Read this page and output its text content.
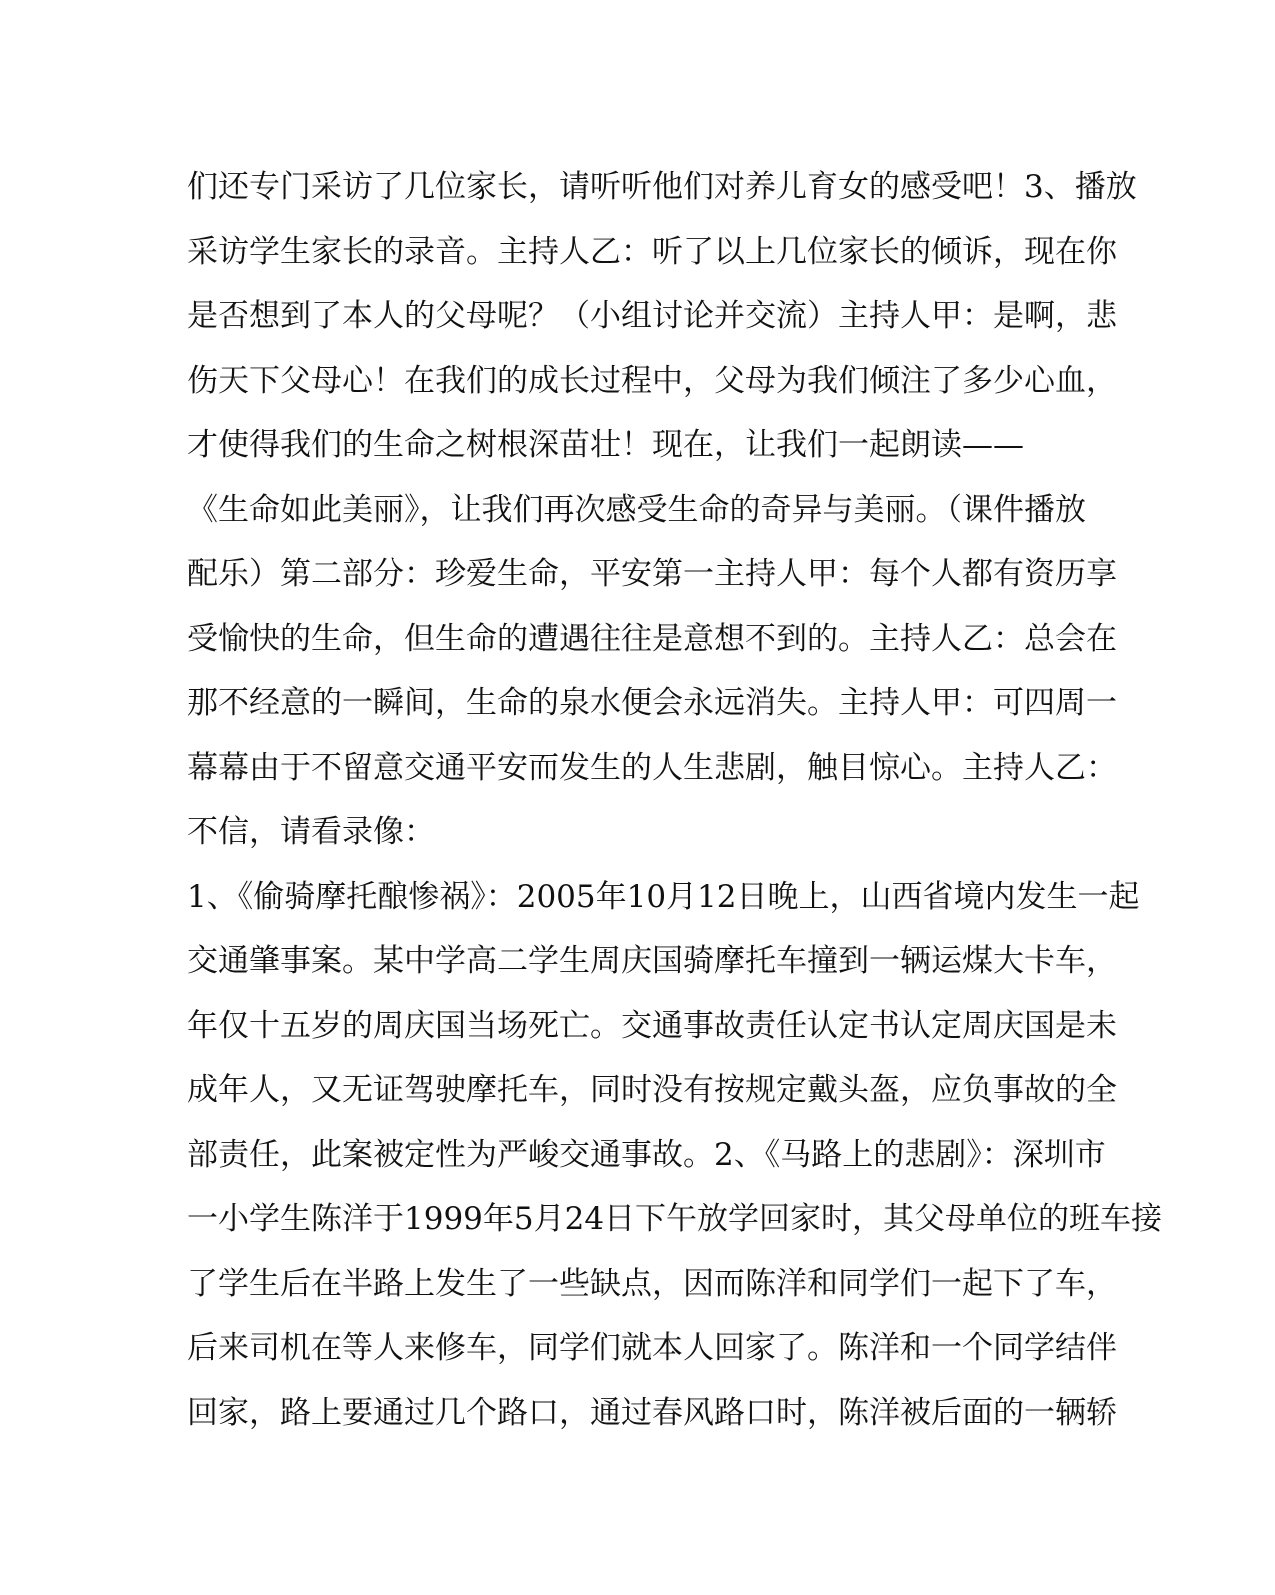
们还专门采访了几位家长，请听听他们对养儿育女的感受吧！3、播放
采访学生家长的录音。主持人乙：听了以上几位家长的倾诉，现在你
是否想到了本人的父母呢？（小组讨论并交流）主持人甲：是啊，悲
伤天下父母心！在我们的成长过程中，父母为我们倾注了多少心血，
才使得我们的生命之树根深苗壮！现在，让我们一起朗读——
《生命如此美丽》，让我们再次感受生命的奇异与美丽。（课件播放
配乐）第二部分：珍爱生命，平安第一主持人甲：每个人都有资历享
受愉快的生命，但生命的遭遇往往是意想不到的。主持人乙：总会在
那不经意的一瞬间，生命的泉水便会永远消失。主持人甲：可四周一
幕幕由于不留意交通平安而发生的人生悲剧，触目惊心。主持人乙：
不信，请看录像：
1、《偷骑摩托酿惨祸》：2005年10月12日晚上，山西省境内发生一起
交通肇事案。某中学高二学生周庆国骑摩托车撞到一辆运煤大卡车，
年仅十五岁的周庆国当场死亡。交通事故责任认定书认定周庆国是未
成年人，又无证驾驶摩托车，同时没有按规定戴头盔，应负事故的全
部责任，此案被定性为严峻交通事故。2、《马路上的悲剧》：深圳市
一小学生陈洋于1999年5月24日下午放学回家时，其父母单位的班车接
了学生后在半路上发生了一些缺点，因而陈洋和同学们一起下了车，
后来司机在等人来修车，同学们就本人回家了。陈洋和一个同学结伴
回家，路上要通过几个路口，通过春风路口时，陈洋被后面的一辆轿
